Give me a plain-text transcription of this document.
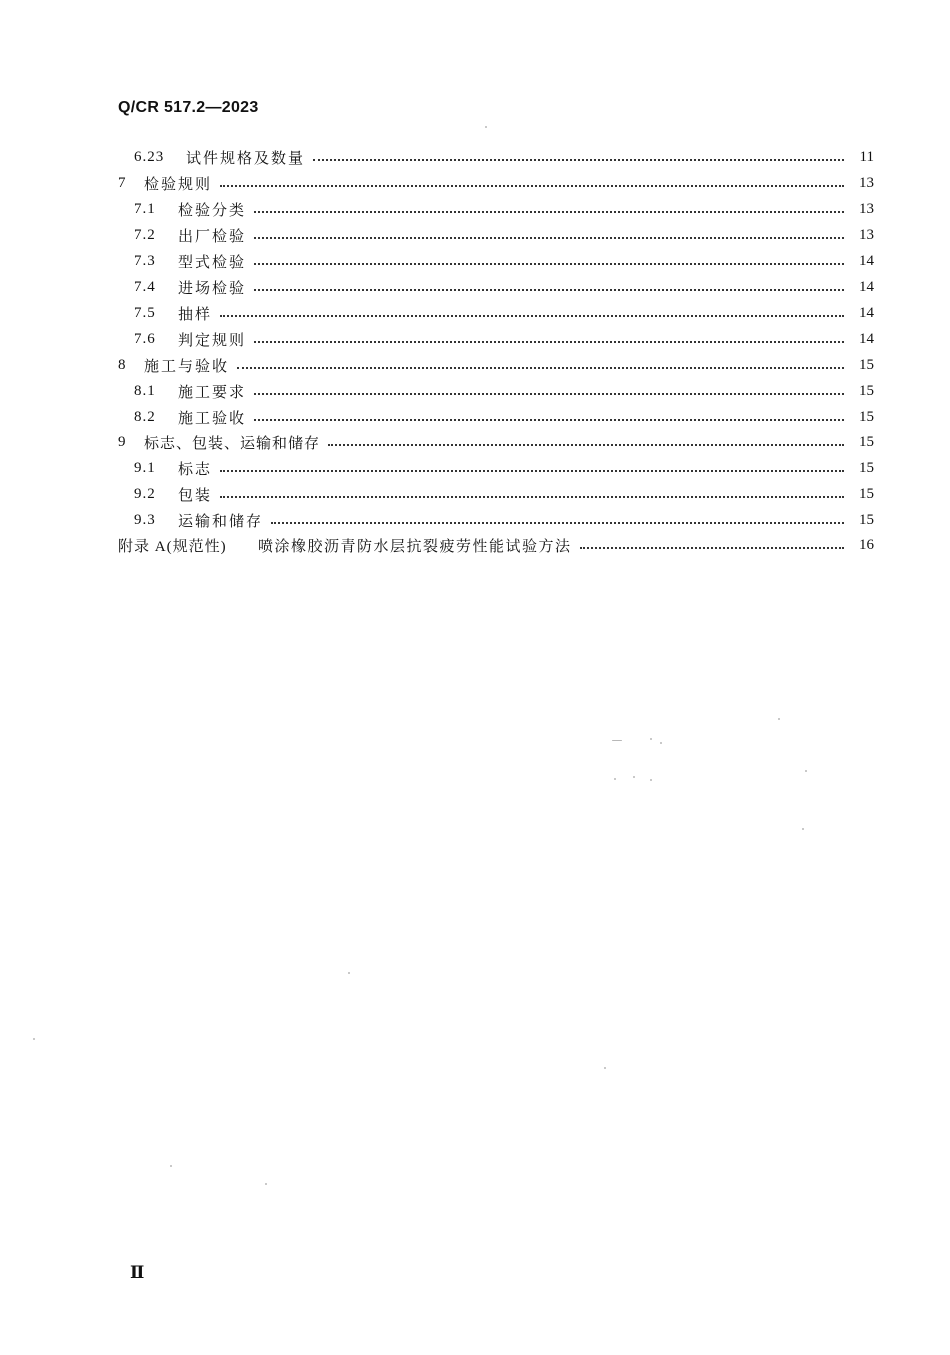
Q/CR 517.2—2023
6.23	试件规格及数量	11
7	检验规则	13
7.1	检验分类	13
7.2	出厂检验	13
7.3	型式检验	14
7.4	进场检验	14
7.5	抽样	14
7.6	判定规则	14
8	施工与验收	15
8.1	施工要求	15
8.2	施工验收	15
9	标志、包装、运输和储存	15
9.1	标志	15
9.2	包装	15
9.3	运输和储存	15
附录 A(规范性)	喷涂橡胶沥青防水层抗裂疲劳性能试验方法	16
Ⅱ
